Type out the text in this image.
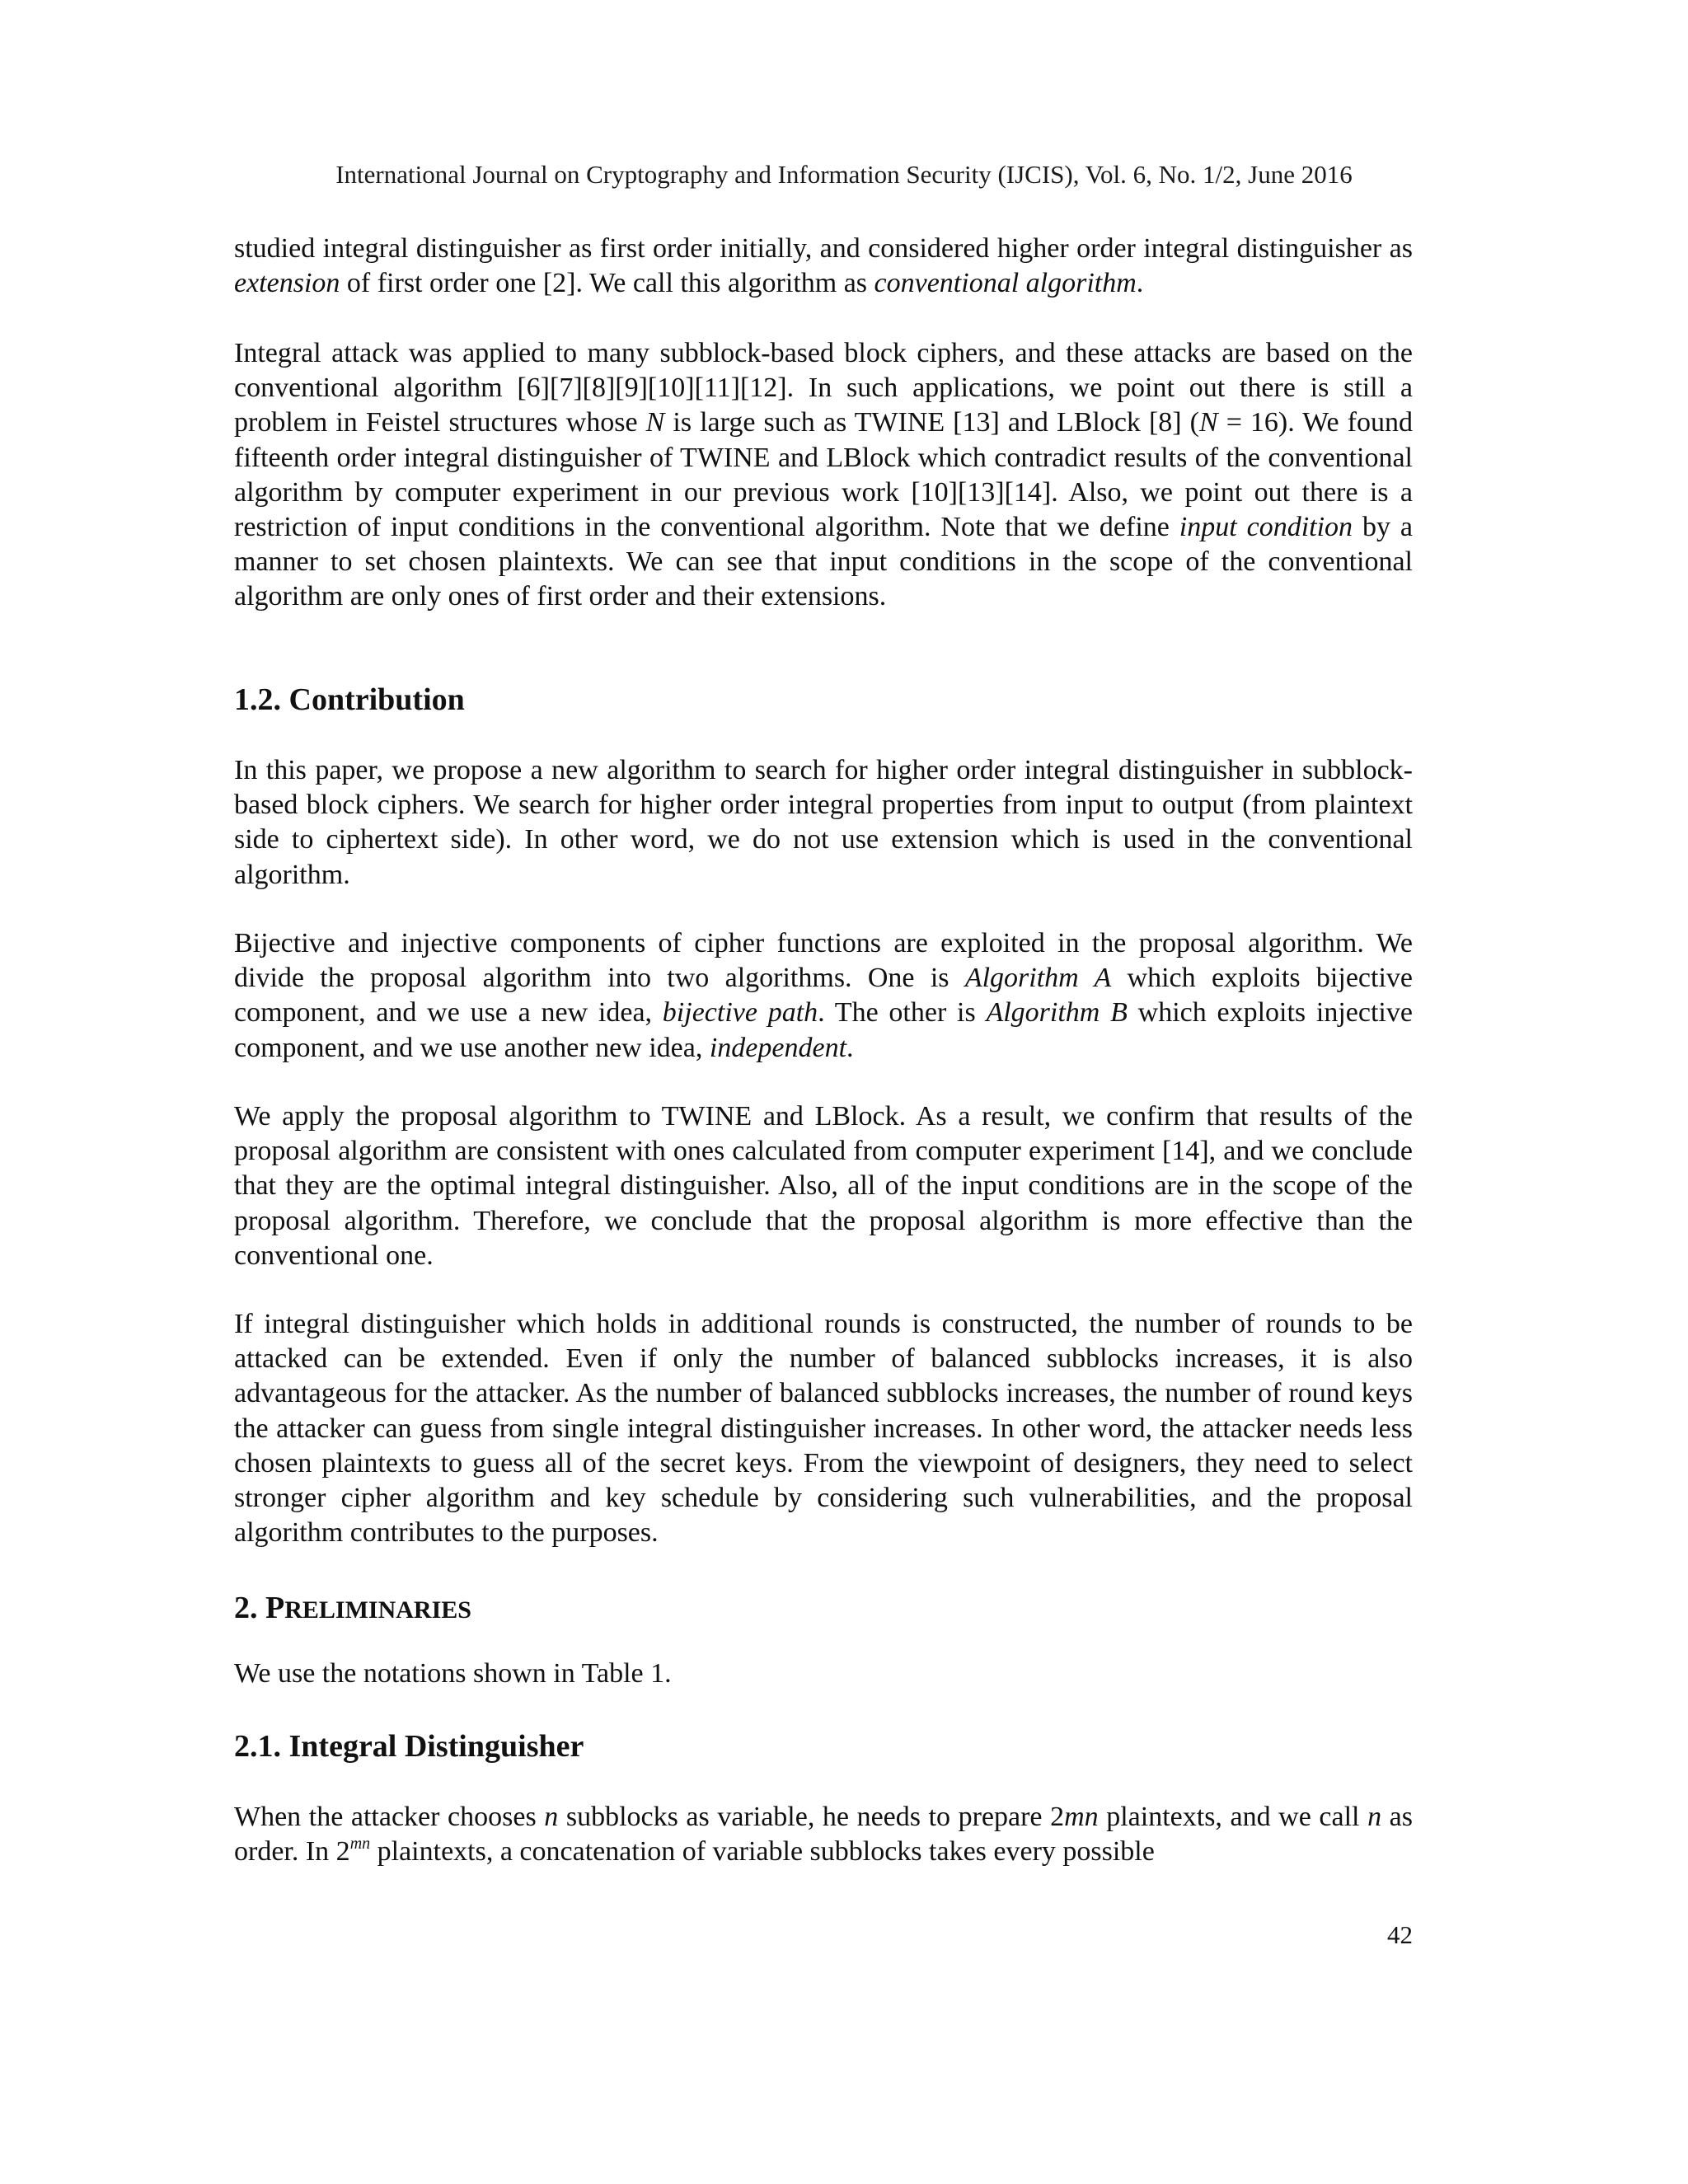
International Journal on Cryptography and Information Security (IJCIS), Vol. 6, No. 1/2, June 2016

studied integral distinguisher as first order initially, and considered higher order integral distinguisher as extension of first order one [2]. We call this algorithm as conventional algorithm.

Integral attack was applied to many subblock-based block ciphers, and these attacks are based on the conventional algorithm [6][7][8][9][10][11][12]. In such applications, we point out there is still a problem in Feistel structures whose N is large such as TWINE [13] and LBlock [8] (N = 16). We found fifteenth order integral distinguisher of TWINE and LBlock which contradict results of the conventional algorithm by computer experiment in our previous work [10][13][14]. Also, we point out there is a restriction of input conditions in the conventional algorithm. Note that we define input condition by a manner to set chosen plaintexts. We can see that input conditions in the scope of the conventional algorithm are only ones of first order and their extensions.

1.2. Contribution

In this paper, we propose a new algorithm to search for higher order integral distinguisher in subblock-based block ciphers. We search for higher order integral properties from input to output (from plaintext side to ciphertext side). In other word, we do not use extension which is used in the conventional algorithm.

Bijective and injective components of cipher functions are exploited in the proposal algorithm. We divide the proposal algorithm into two algorithms. One is Algorithm A which exploits bijective component, and we use a new idea, bijective path. The other is Algorithm B which exploits injective component, and we use another new idea, independent.

We apply the proposal algorithm to TWINE and LBlock. As a result, we confirm that results of the proposal algorithm are consistent with ones calculated from computer experiment [14], and we conclude that they are the optimal integral distinguisher. Also, all of the input conditions are in the scope of the proposal algorithm. Therefore, we conclude that the proposal algorithm is more effective than the conventional one.

If integral distinguisher which holds in additional rounds is constructed, the number of rounds to be attacked can be extended. Even if only the number of balanced subblocks increases, it is also advantageous for the attacker. As the number of balanced subblocks increases, the number of round keys the attacker can guess from single integral distinguisher increases. In other word, the attacker needs less chosen plaintexts to guess all of the secret keys. From the viewpoint of designers, they need to select stronger cipher algorithm and key schedule by considering such vulnerabilities, and the proposal algorithm contributes to the purposes.

2. PRELIMINARIES

We use the notations shown in Table 1.

2.1. Integral Distinguisher

When the attacker chooses n subblocks as variable, he needs to prepare 2mn plaintexts, and we call n as order. In $2^{mn}$ plaintexts, a concatenation of variable subblocks takes every possible

42
